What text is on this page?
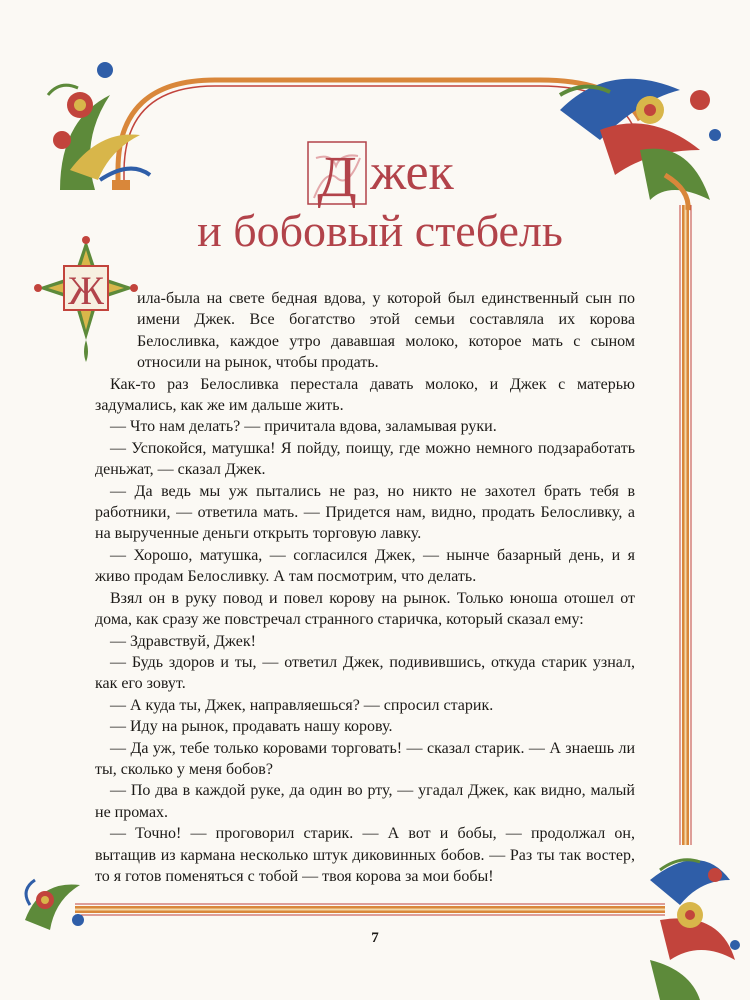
Д жек
и бобовый стебель
Ж	ила-была на свете бедная вдова, у которой был единственный сын по имени Джек. Все богатство этой семьи составляла их корова Белосливка, каждое утро дававшая молоко, которое мать с сыном относили на рынок, чтобы продать.

Как-то раз Белосливка перестала давать молоко, и Джек с матерью задумались, как же им дальше жить.

— Что нам делать? — причитала вдова, заламывая руки.

— Успокойся, матушка! Я пойду, поищу, где можно немного подзаработать деньжат, — сказал Джек.

— Да ведь мы уж пытались не раз, но никто не захотел брать тебя в работники, — ответила мать. — Придется нам, видно, продать Белосливку, а на вырученные деньги открыть торговую лавку.

— Хорошо, матушка, — согласился Джек, — нынче базарный день, и я живо продам Белосливку. А там посмотрим, что делать.

Взял он в руку повод и повел корову на рынок. Только юноша отошел от дома, как сразу же повстречал странного старичка, который сказал ему:

— Здравствуй, Джек!

— Будь здоров и ты, — ответил Джек, подивившись, откуда старик узнал, как его зовут.

— А куда ты, Джек, направляешься? — спросил старик.

— Иду на рынок, продавать нашу корову.

— Да уж, тебе только коровами торговать! — сказал старик. — А знаешь ли ты, сколько у меня бобов?

— По два в каждой руке, да один во рту, — угадал Джек, как видно, малый не промах.

— Точно! — проговорил старик. — А вот и бобы, — продолжал он, вытащив из кармана несколько штук диковинных бобов. — Раз ты так востер, то я готов поменяться с тобой — твоя корова за мои бобы!

7
